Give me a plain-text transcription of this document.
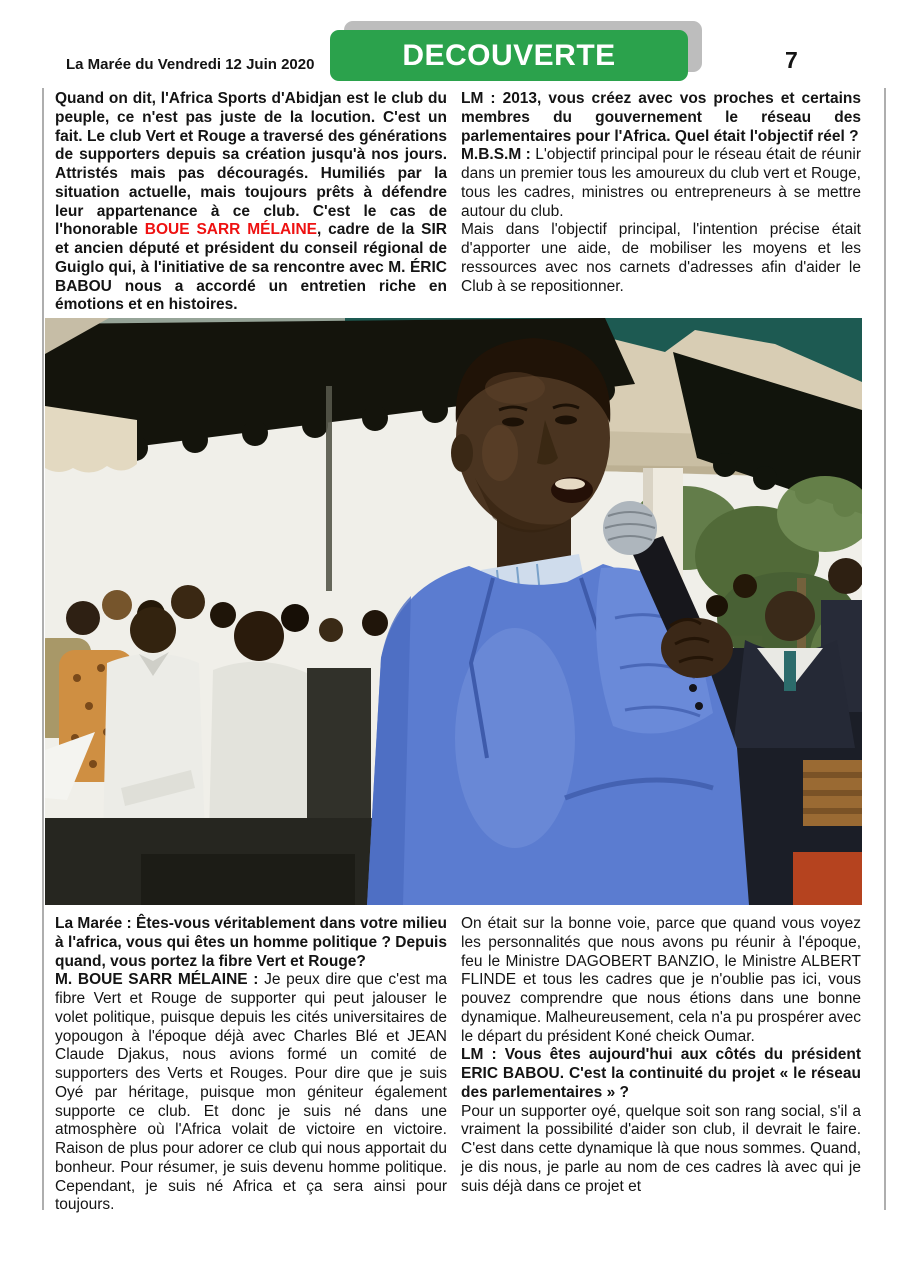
La Marée du Vendredi 12 Juin 2020	DECOUVERTE	7

Quand on dit, l'Africa Sports d'Abidjan est le club du peuple, ce n'est pas juste de la locution. C'est un fait. Le club Vert et Rouge a traversé des générations de supporters depuis sa création jusqu'à nos jours. Attristés mais pas découragés. Humiliés par la situation actuelle, mais toujours prêts à défendre leur appartenance à ce club. C'est le cas de l'honorable BOUE SARR MÉLAINE, cadre de la SIR et ancien député et président du conseil régional de Guiglo qui, à l'initiative de sa rencontre avec M. ÉRIC BABOU nous a accordé un entretien riche en émotions et en histoires.

LM : 2013, vous créez avec vos proches et certains membres du gouvernement le réseau des parlementaires pour l'Africa. Quel était l'objectif réel ?

M.B.S.M : L'objectif principal pour le réseau était de réunir dans un premier tous les amoureux du club vert et Rouge, tous les cadres, ministres ou entrepreneurs à se mettre autour du club.

Mais dans l'objectif principal, l'intention précise était d'apporter une aide, de mobiliser les moyens et les ressources avec nos carnets d'adresses afin d'aider le Club à se repositionner.

La Marée : Êtes-vous véritablement dans votre milieu à l'africa, vous qui êtes un homme politique ? Depuis quand, vous portez la fibre Vert et Rouge?

M. BOUE SARR MÉLAINE : Je peux dire que c'est ma fibre Vert et Rouge de supporter qui peut jalouser le volet politique, puisque depuis les cités universitaires de yopougon à l'époque déjà avec Charles Blé et JEAN Claude Djakus, nous avions formé un comité de supporters des Verts et Rouges. Pour dire que je suis Oyé par héritage, puisque mon géniteur également supporte ce club. Et donc je suis né dans une atmosphère où l'Africa volait de victoire en victoire. Raison de plus pour adorer ce club qui nous apportait du bonheur. Pour résumer, je suis devenu homme politique. Cependant, je suis né Africa et ça sera ainsi pour toujours.

On était sur la bonne voie, parce que quand vous voyez les personnalités que nous avons pu réunir à l'époque, feu le Ministre DAGOBERT BANZIO, le Ministre ALBERT FLINDE et tous les cadres que je n'oublie pas ici, vous pouvez comprendre que nous étions dans une bonne dynamique. Malheureusement, cela n'a pu prospérer avec le départ du président Koné cheick Oumar.

LM : Vous êtes aujourd'hui aux côtés du président ERIC BABOU. C'est la continuité du projet « le réseau des parlementaires » ?

Pour un supporter oyé, quelque soit son rang social, s'il a vraiment la possibilité d'aider son club, il devrait le faire. C'est dans cette dynamique là que nous sommes. Quand, je dis nous, je parle au nom de ces cadres là avec qui je suis déjà dans ce projet et
